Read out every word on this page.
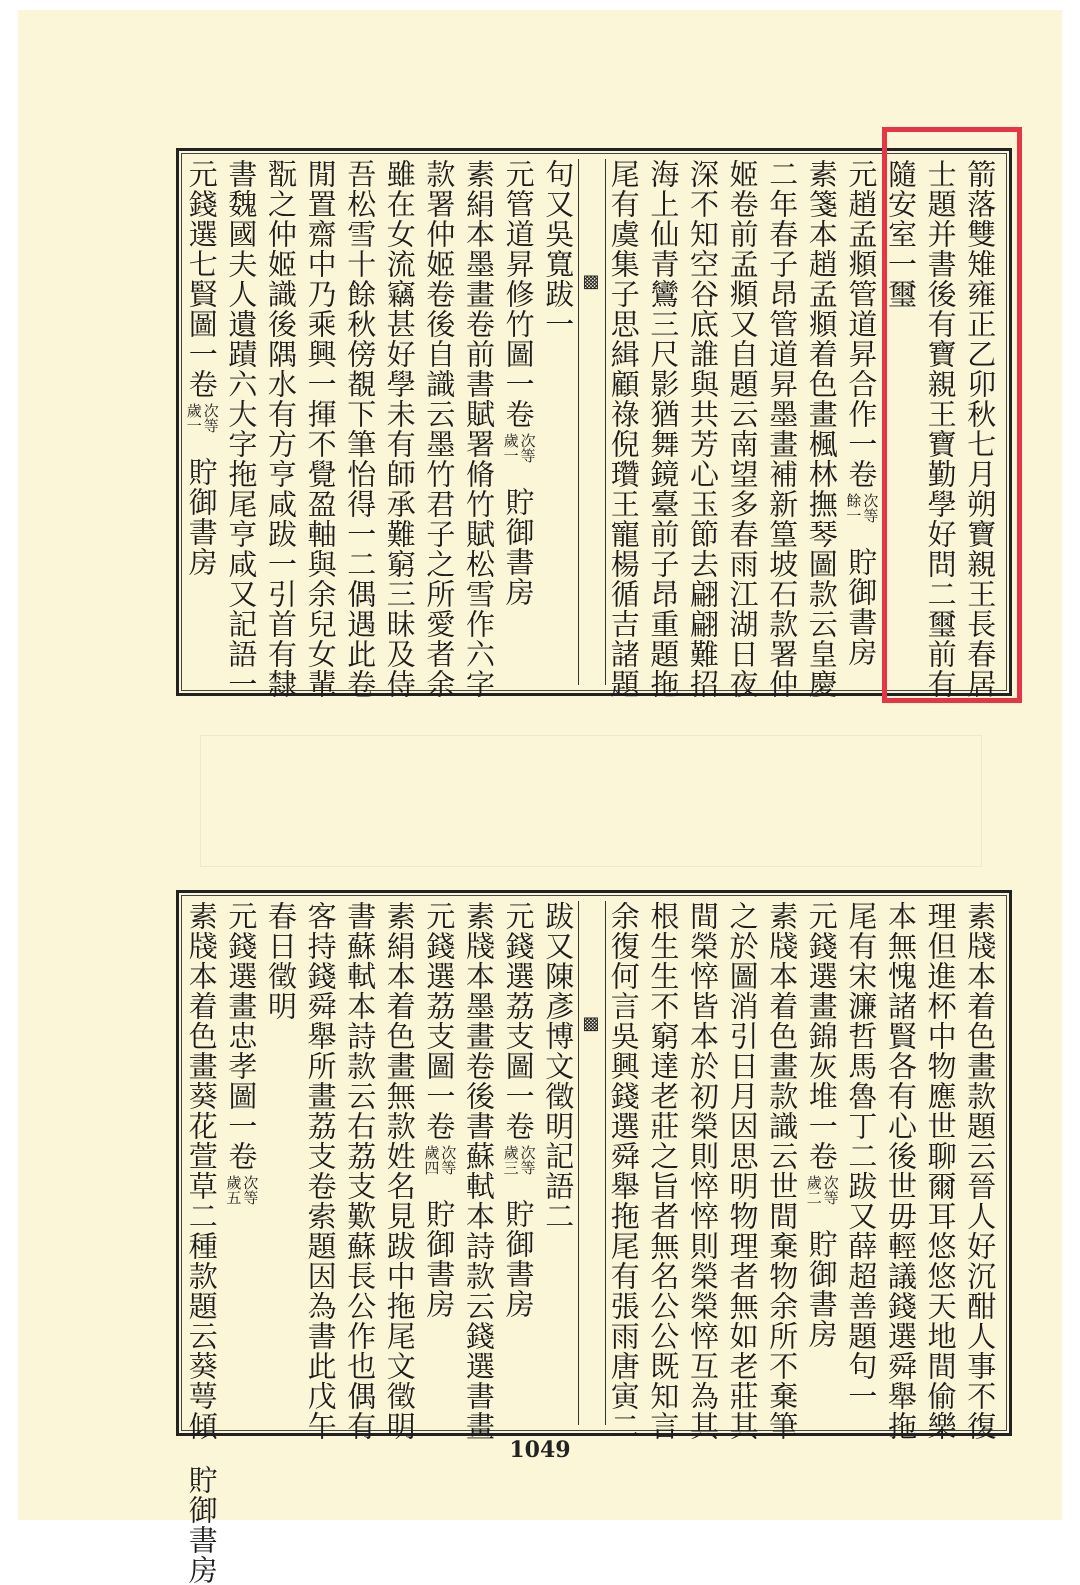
箭落雙雉雍正乙卯秋七月朔寶親王長春居
士題并書後有寶親王寶勤學好問二璽前有
隨安室一璽
元趙孟頫管道昇合作一卷
次等
餘一
貯御書房
素箋本趙孟頫着色畫楓林撫琴圖款云皇慶
二年春子昂管道昇墨畫補新篁坡石款署仲
姬卷前孟頫又自題云南望多春雨江湖日夜
深不知空谷底誰與共芳心玉節去翩翩難招
海上仙青鸞三尺影猶舞鏡臺前子昂重題拖
尾有虞集子思緝顧祿倪瓚王寵楊循吉諸題
句又吳寬跋一
元管道昇修竹圖一卷
次等
歲一
貯御書房
素絹本墨畫卷前書賦署脩竹賦松雪作六字
款署仲姬卷後自識云墨竹君子之所愛者余
雖在女流竊甚好學未有師承難窮三昧及侍
吾松雪十餘秋傍覩下筆怡得一二偶遇此卷
閒置齋中乃乘興一揮不覺盈軸與余兒女輩
翫之仲姬識後隅水有方亨咸跋一引首有隸
書魏國夫人遺蹟六大字拖尾亨咸又記語一
元錢選七賢圖一卷
次等
歲一
貯御書房
▩
素牋本着色畫款題云晉人好沉酣人事不復
理但進杯中物應世聊爾耳悠悠天地間偷樂
本無愧諸賢各有心後世毋輕議錢選舜舉拖
尾有宋濂哲馬魯丁二跋又薛超善題句一
元錢選畫錦灰堆一卷
次等
歲二
貯御書房
素牋本着色畫款識云世間棄物余所不棄筆
之於圖消引日月因思明物理者無如老莊其
間榮悴皆本於初榮則悴悴則榮榮悴互為其
根生生不窮達老莊之旨者無名公公既知言
余復何言吳興錢選舜舉拖尾有張雨唐寅二
跋又陳彥博文徵明記語二
元錢選荔支圖一卷
次等
歲三
貯御書房
素牋本墨畫卷後書蘇軾本詩款云錢選書畫
元錢選荔支圖一卷
次等
歲四
貯御書房
素絹本着色畫無款姓名見跋中拖尾文徵明
書蘇軾本詩款云右荔支歎蘇長公作也偶有
客持錢舜舉所畫荔支卷索題因為書此戊午
春日徵明
元錢選畫忠孝圖一卷
次等
歲五
素牋本着色畫葵花萱草二種款題云葵萼傾
貯御書房
▩
1049
